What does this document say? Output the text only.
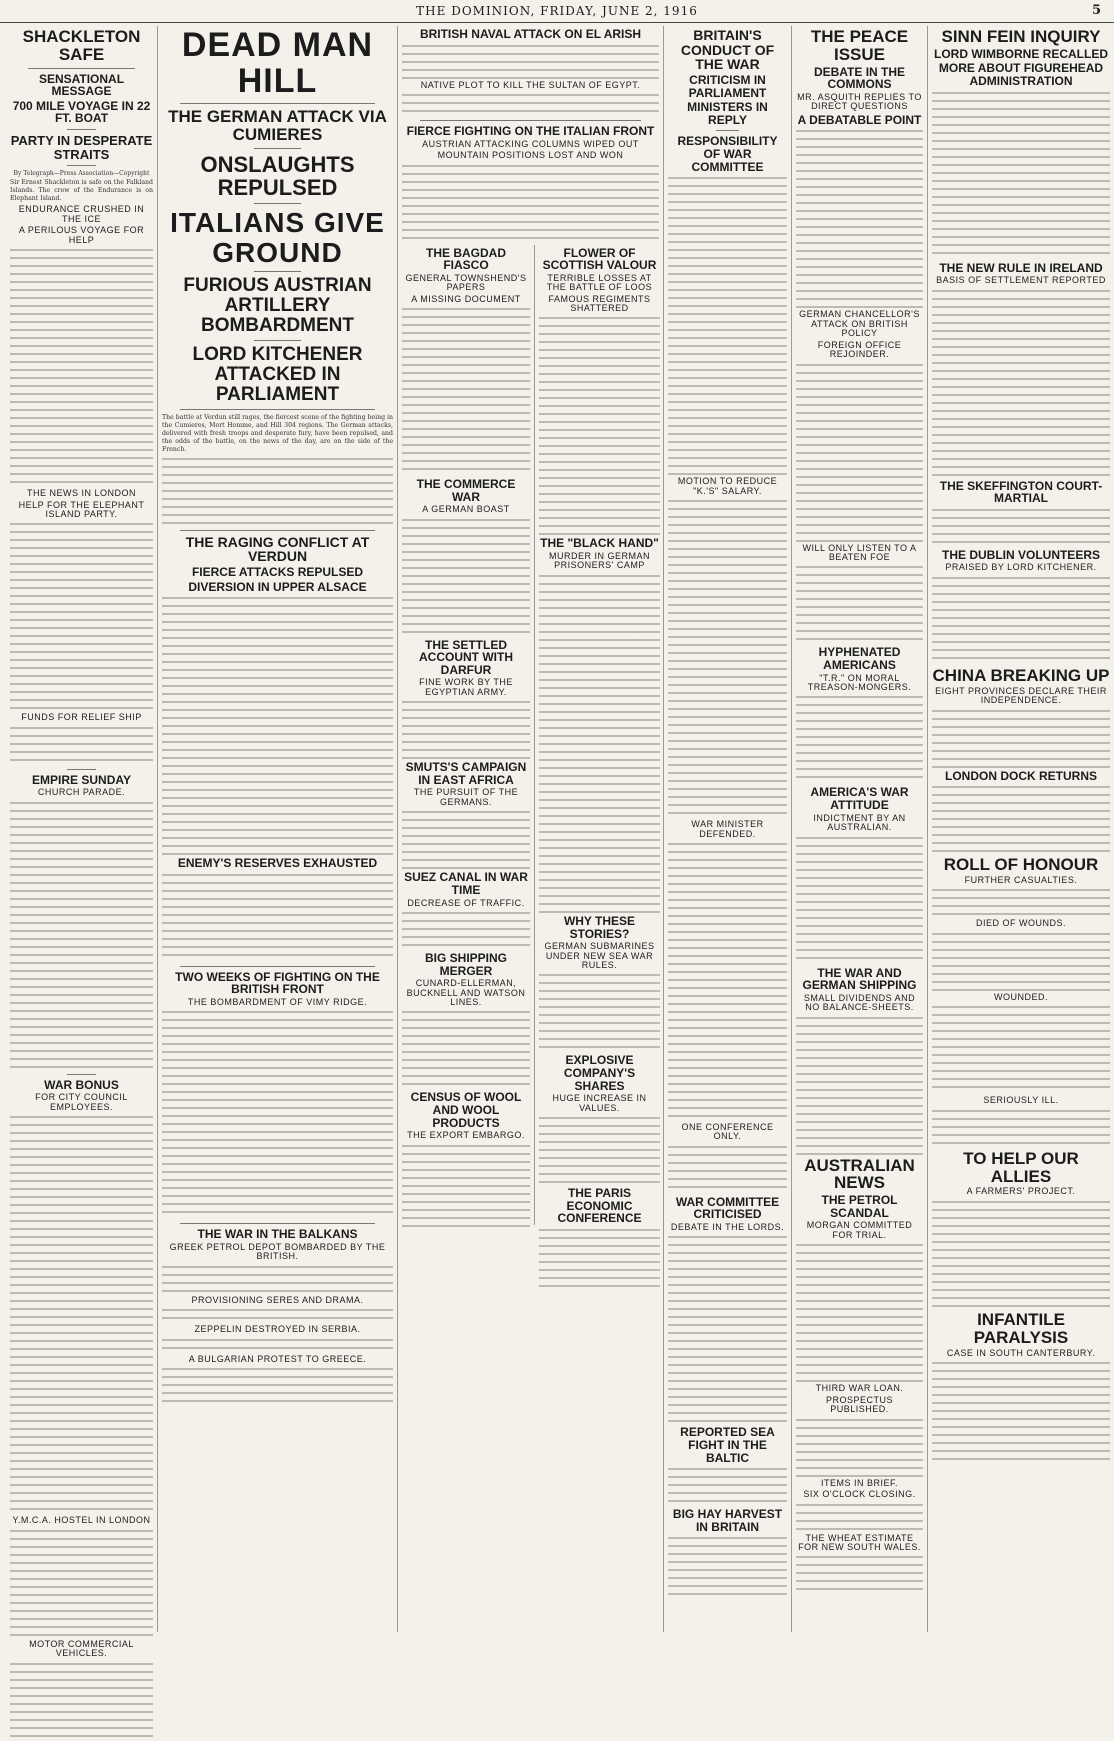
THE DOMINION, FRIDAY, JUNE 2, 1916	5
SHACKLETON SAFE
SENSATIONAL MESSAGE
700 MILE VOYAGE IN 22 FT. BOAT
PARTY IN DESPERATE STRAITS
By Telegraph—Press Association—Copyright

Sir Ernest Shackleton is safe on the Falkland Islands. The crew of the Endurance is on Elephant Island.

ENDURANCE CRUSHED IN THE ICE
A PERILOUS VOYAGE FOR HELP
THE NEWS IN LONDON
HELP FOR THE ELEPHANT ISLAND PARTY.
FUNDS FOR RELIEF SHIP
EMPIRE SUNDAY
CHURCH PARADE.
WAR BONUS
FOR CITY COUNCIL EMPLOYEES.
Y.M.C.A. HOSTEL IN LONDON
MOTOR COMMERCIAL VEHICLES.
DEAD MAN HILL
THE GERMAN ATTACK VIA CUMIERES
ONSLAUGHTS REPULSED
ITALIANS GIVE GROUND
FURIOUS AUSTRIAN ARTILLERY BOMBARDMENT
LORD KITCHENER ATTACKED IN PARLIAMENT

The battle at Verdun still rages, the fiercest scene of the fighting being in the Cumieres, Mort Homme, and Hill 304 regions. The German attacks, delivered with fresh troops and desperate fury, have been repulsed, and the odds of the battle, on the news of the day, are on the side of the French.

THE RAGING CONFLICT AT VERDUN
FIERCE ATTACKS REPULSED
DIVERSION IN UPPER ALSACE
ENEMY'S RESERVES EXHAUSTED
TWO WEEKS OF FIGHTING ON THE BRITISH FRONT
THE BOMBARDMENT OF VIMY RIDGE.
THE WAR IN THE BALKANS
GREEK PETROL DEPOT BOMBARDED BY THE BRITISH.
PROVISIONING SERES AND DRAMA.
ZEPPELIN DESTROYED IN SERBIA.
A BULGARIAN PROTEST TO GREECE.
BRITISH NAVAL ATTACK ON EL ARISH
NATIVE PLOT TO KILL THE SULTAN OF EGYPT.
FIERCE FIGHTING ON THE ITALIAN FRONT
AUSTRIAN ATTACKING COLUMNS WIPED OUT
MOUNTAIN POSITIONS LOST AND WON
THE BAGDAD FIASCO
GENERAL TOWNSHEND'S PAPERS
A MISSING DOCUMENT
THE COMMERCE WAR
A GERMAN BOAST
THE SETTLED ACCOUNT WITH DARFUR
FINE WORK BY THE EGYPTIAN ARMY.
SMUTS'S CAMPAIGN IN EAST AFRICA
THE PURSUIT OF THE GERMANS.
SUEZ CANAL IN WAR TIME
DECREASE OF TRAFFIC.
BIG SHIPPING MERGER
CUNARD-ELLERMAN, BUCKNELL AND WATSON LINES.
CENSUS OF WOOL AND WOOL PRODUCTS
THE EXPORT EMBARGO.
FLOWER OF SCOTTISH VALOUR
TERRIBLE LOSSES AT THE BATTLE OF LOOS
FAMOUS REGIMENTS SHATTERED
THE "BLACK HAND"
MURDER IN GERMAN PRISONERS' CAMP
WHY THESE STORIES?
GERMAN SUBMARINES UNDER NEW SEA WAR RULES.
EXPLOSIVE COMPANY'S SHARES
HUGE INCREASE IN VALUES.
THE PARIS ECONOMIC CONFERENCE
BRITAIN'S CONDUCT OF THE WAR
CRITICISM IN PARLIAMENT
MINISTERS IN REPLY
RESPONSIBILITY OF WAR COMMITTEE
MOTION TO REDUCE "K.'S" SALARY.
WAR MINISTER DEFENDED.
ONE CONFERENCE ONLY.
WAR COMMITTEE CRITICISED
DEBATE IN THE LORDS.
REPORTED SEA FIGHT IN THE BALTIC
BIG HAY HARVEST IN BRITAIN
THE PEACE ISSUE
DEBATE IN THE COMMONS
MR. ASQUITH REPLIES TO DIRECT QUESTIONS
A DEBATABLE POINT
GERMAN CHANCELLOR'S ATTACK ON BRITISH POLICY
FOREIGN OFFICE REJOINDER.
WILL ONLY LISTEN TO A BEATEN FOE
HYPHENATED AMERICANS
"T.R." ON MORAL TREASON-MONGERS.
AMERICA'S WAR ATTITUDE
INDICTMENT BY AN AUSTRALIAN.
THE WAR AND GERMAN SHIPPING
SMALL DIVIDENDS AND NO BALANCE-SHEETS.
AUSTRALIAN NEWS
THE PETROL SCANDAL
MORGAN COMMITTED FOR TRIAL.
THIRD WAR LOAN.
PROSPECTUS PUBLISHED.
ITEMS IN BRIEF.
SIX O'CLOCK CLOSING.
THE WHEAT ESTIMATE FOR NEW SOUTH WALES.
SINN FEIN INQUIRY
LORD WIMBORNE RECALLED
MORE ABOUT FIGUREHEAD ADMINISTRATION
THE NEW RULE IN IRELAND
BASIS OF SETTLEMENT REPORTED
THE SKEFFINGTON COURT-MARTIAL
THE DUBLIN VOLUNTEERS
PRAISED BY LORD KITCHENER.
CHINA BREAKING UP
EIGHT PROVINCES DECLARE THEIR INDEPENDENCE.
LONDON DOCK RETURNS
ROLL OF HONOUR
FURTHER CASUALTIES.
DIED OF WOUNDS.
WOUNDED.
SERIOUSLY ILL.
TO HELP OUR ALLIES
A FARMERS' PROJECT.
INFANTILE PARALYSIS
CASE IN SOUTH CANTERBURY.
